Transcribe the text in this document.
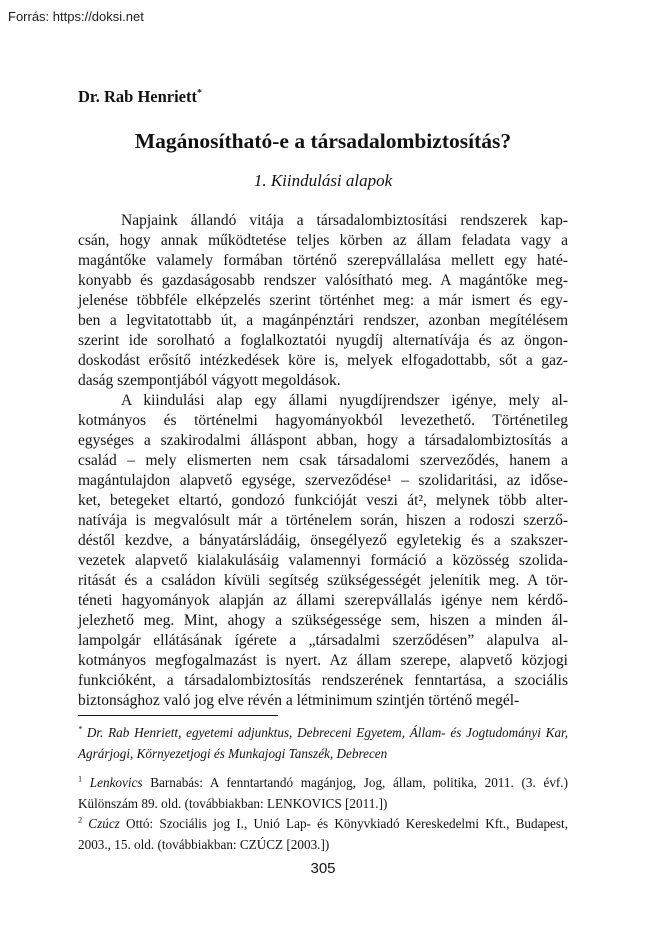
Forrás: https://doksi.net
Dr. Rab Henriett*
Magánosítható-e a társadalombiztosítás?
1. Kiindulási alapok
Napjaink állandó vitája a társadalombiztosítási rendszerek kap-
csán, hogy annak működtetése teljes körben az állam feladata vagy a
magántőke valamely formában történő szerepvállalása mellett egy haté-
konyabb és gazdaságosabb rendszer valósítható meg. A magántőke meg-
jelenése többféle elképzelés szerint történhet meg: a már ismert és egy-
ben a legvitatottabb út, a magánpénztári rendszer, azonban megítélésem
szerint ide sorolható a foglalkoztatói nyugdíj alternatívája és az öngon-
doskodást erősítő intézkedések köre is, melyek elfogadottabb, sőt a gaz-
daság szempontjából vágyott megoldások.
A kiindulási alap egy állami nyugdíjrendszer igénye, mely al-
kotmányos és történelmi hagyományokból levezethető. Történetileg
egységes a szakirodalmi álláspont abban, hogy a társadalombiztosítás a
család – mely elismerten nem csak társadalomi szerveződés, hanem a
magántulajdon alapvető egysége, szerveződése¹ – szolidaritási, az időse-
ket, betegeket eltartó, gondozó funkcióját veszi át², melynek több alter-
natívája is megvalósult már a történelem során, hiszen a rodoszi szerző-
déstől kezdve, a bányatársládáig, önsegélyező egyletekig és a szakszer-
vezetek alapvető kialakulásáig valamennyi formáció a közösség szolida-
ritását és a családon kívüli segítség szükségességét jelenítik meg. A tör-
téneti hagyományok alapján az állami szerepvállalás igénye nem kérdő-
jelezhető meg. Mint, ahogy a szükségessége sem, hiszen a minden ál-
lampolgár ellátásának ígérete a „társadalmi szerződésen” alapulva al-
kotmányos megfogalmazást is nyert. Az állam szerepe, alapvető közjogi
funkcióként, a társadalombiztosítás rendszerének fenntartása, a szociális
biztonsághoz való jog elve révén a létminimum szintjén történő megél-
* Dr. Rab Henriett, egyetemi adjunktus, Debreceni Egyetem, Állam- és Jogtudományi Kar, Agrárjogi, Környezetjogi és Munkajogi Tanszék, Debrecen
$^1$ Lenkovics Barnabás: A fenntartandó magánjog, Jog, állam, politika, 2011. (3. évf.) Különszám 89. old. (továbbiakban: LENKOVICS [2011.])
$^2$ Czúcz Ottó: Szociális jog I., Unió Lap- és Könyvkiadó Kereskedelmi Kft., Budapest, 2003., 15. old. (továbbiakban: CZÚCZ [2003.])
305
